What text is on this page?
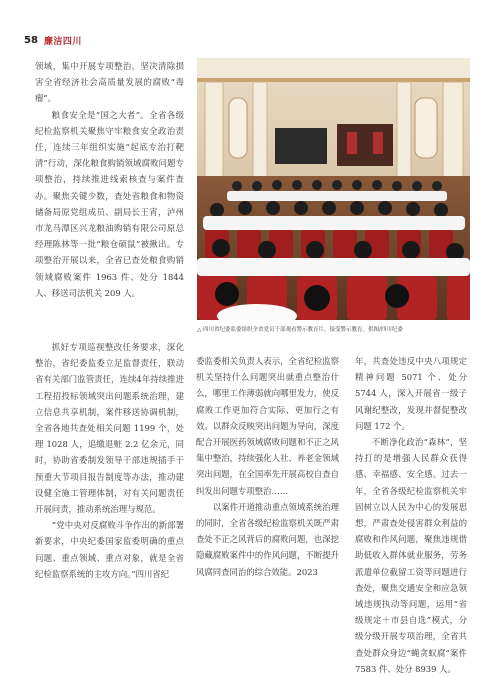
58 廉洁四川

领域，集中开展专项整治，坚决清除损害全省经济社会高质量发展的腐败“毒瘤”。

粮食安全是“国之大者”。全省各级纪检监察机关聚焦守牢粮食安全政治责任，连续三年组织实施“起底专治打靶清”行动，深化粮食购销领域腐败问题专项整治，持续推进线索核查与案件查办。聚焦关键少数，查处省粮食和物资储备局原党组成员、副局长王宵，泸州市龙马潭区兴龙粮油购销有限公司原总经理陈林等一批“粮仓硕鼠”被揪出。专项整治开展以来，全省已查处粮食购销领域腐败案件 1963 件、处分 1844 人、移送司法机关 209 人。

抓好专项巡视整改任务要求，深化整治，省纪委监委立足监督责任，联动省有关部门监管责任，连续4年持续推进工程招投标领域突出问题系统治理，建立信息共享机制，案件移送协调机制，全省各地共查处相关问题 1199 个，处理 1028 人，追缴退赃 2.2 亿余元，同时，协助省委制发领导干部违规插手干预重大节项目报告制度等办法，推动建设健全施工管理体制，对有关问题责任开展问责，推动系统治理与规范。

“党中央对反腐败斗争作出的新部署新要求，中央纪委国家监委明确的重点问题、重点领域、重点对象，就是全省纪检监察系统的主攻方向。”四川省纪

委监委相关负责人表示，全省纪检监察机关坚持什么问题突出就重点整治什么，哪里工作薄弱就向哪里发力，使反腐败工作更加符合实际、更加行之有效。以群众反映突出问题为导向，深度配合开展医药领域腐败问题和不正之风集中整治，持续强化人社、养老金领域突出问题，在全国率先开展高校自查自纠发出问题专项整治……

以案件开道推动重点领域系统治理的同时，全省各级纪检监察机关既严肃查处不正之风背后的腐败问题，也深挖隐藏腐败案件中的作风问题，不断提升风腐同查同治的综合效能。2023

年，共查处违反中央八项规定精神问题 5071 个、处分 5744 人，深入开展省一级子风谢纪整改，发现并督促整改问题 172 个。

不断净化政治“森林”，坚持打的是增强人民群众获得感、幸福感、安全感。过去一年，全省各级纪检监察机关牢固树立以人民为中心的发展思想，严肃查处侵害群众利益的腐败和作风问题，聚焦违规借助低收入群体就业服务，劳务派遣单位截留工资等问题进行查处，聚焦交通安全和应急领域违规执动等问题，运用“省级规定＋市县自选”模式，分级分级开展专项治理，全省共查处群众身边“蝇贪蚁腐”案件 7583 件、处分 8939 人。

△ 四川省纪委监委组织全省党员干部观看警示教育片，接受警示教育。供图/四川纪委
